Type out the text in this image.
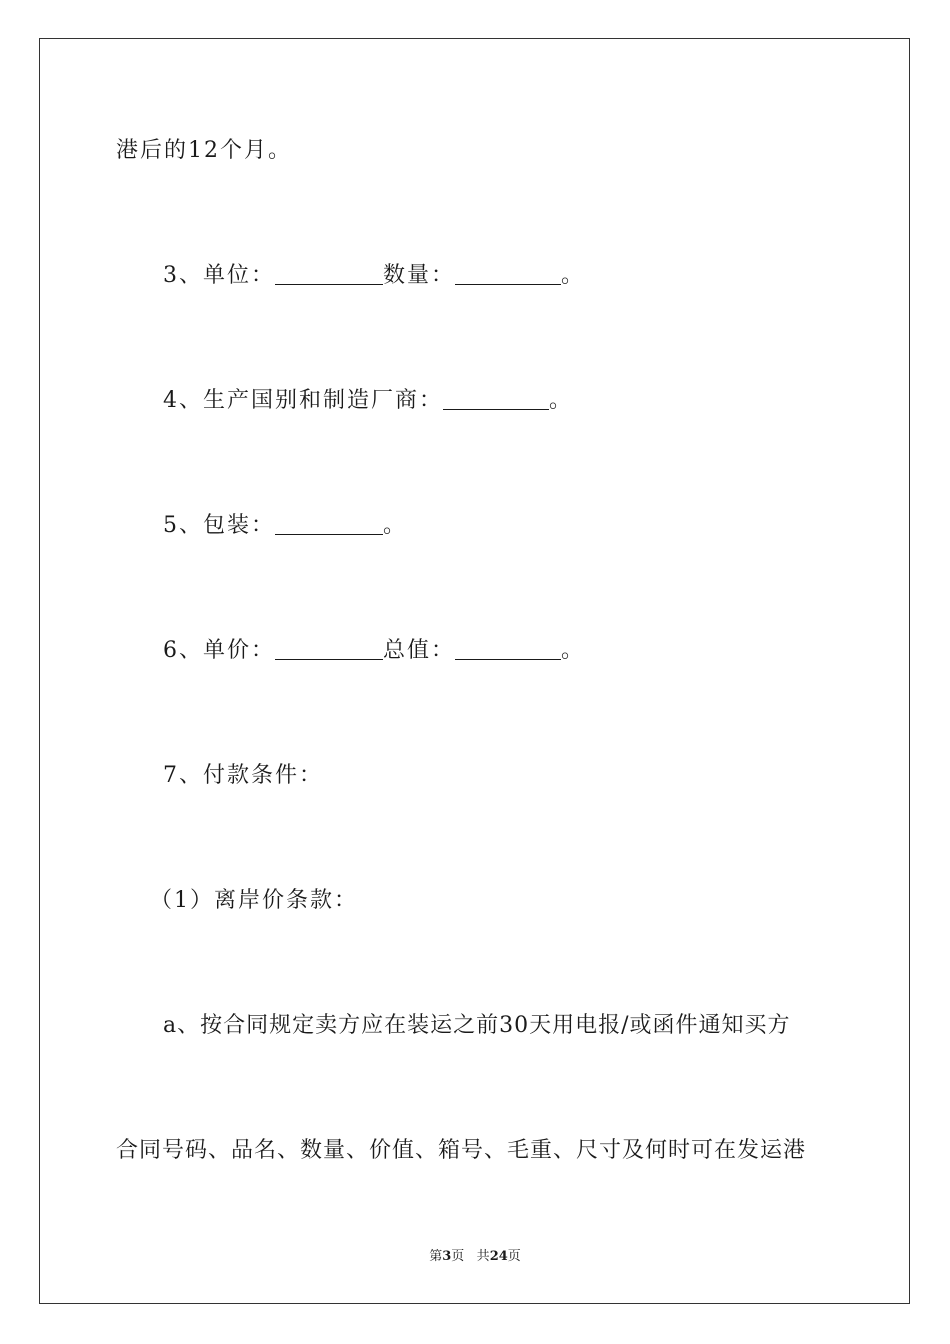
港后的12个月。
3、单位：	数量：	。
4、生产国别和制造厂商：	。
5、包装：	。
6、单价：	总值：	。
7、付款条件：
（1）离岸价条款：
a、按合同规定卖方应在装运之前30天用电报/或函件通知买方
合同号码、品名、数量、价值、箱号、毛重、尺寸及何时可在发运港
第3页 共24页
